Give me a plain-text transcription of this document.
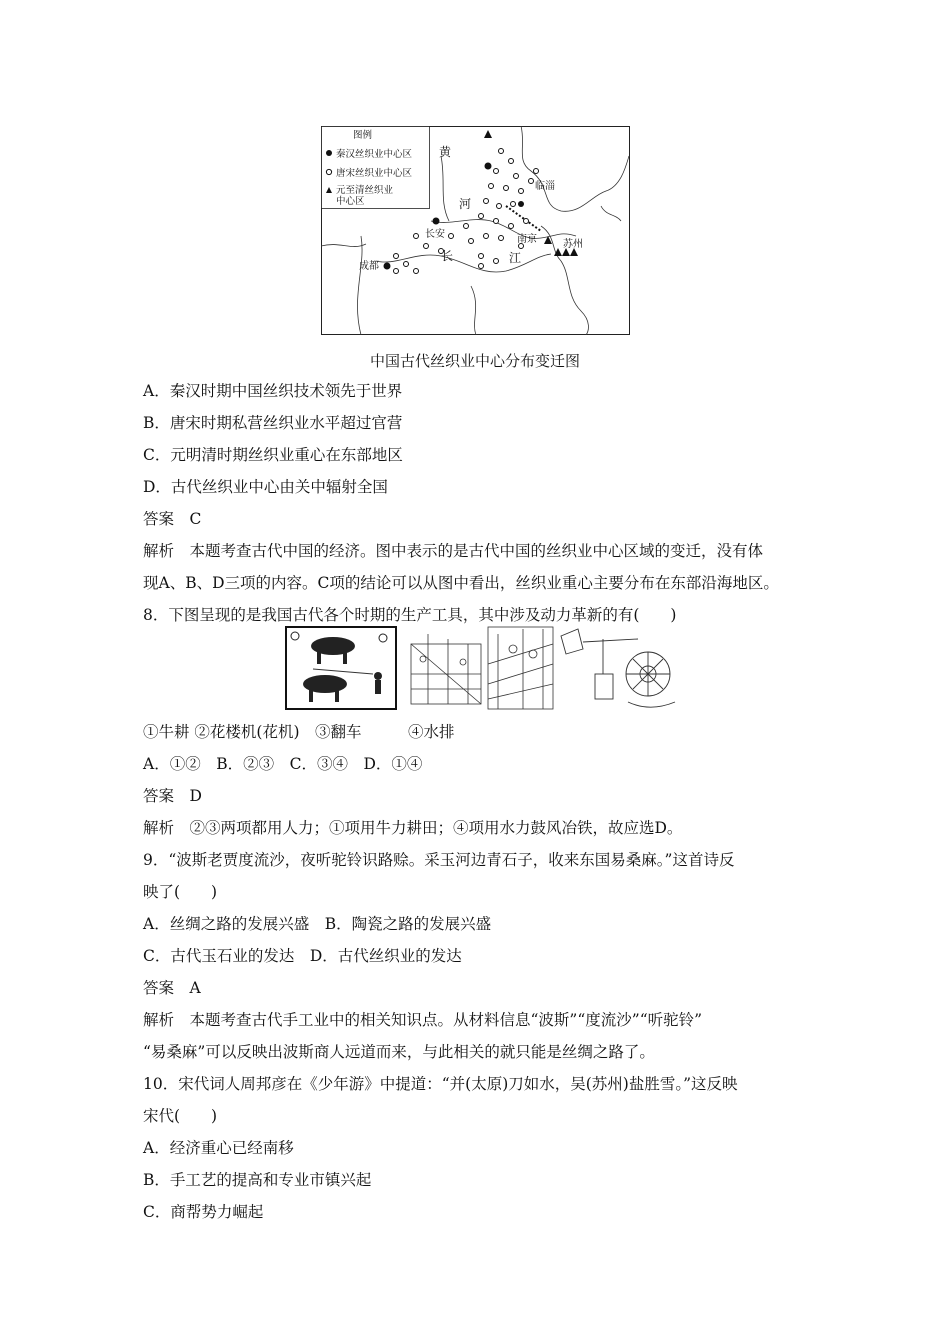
图例
秦汉丝织业中心区
唐宋丝织业中心区
元至清丝织业
中心区
黄
河
临淄
长安	南京	苏州
成都
长	江
中国古代丝织业中心分布变迁图
A．秦汉时期中国丝织技术领先于世界
B．唐宋时期私营丝织业水平超过官营
C．元明清时期丝织业重心在东部地区
D．古代丝织业中心由关中辐射全国
答案　C
解析　本题考查古代中国的经济。图中表示的是古代中国的丝织业中心区域的变迁，没有体
现A、B、D三项的内容。C项的结论可以从图中看出，丝织业重心主要分布在东部沿海地区。
8．下图呈现的是我国古代各个时期的生产工具，其中涉及动力革新的有(　　)
①牛耕 ②花楼机(花机)　③翻车　　　④水排
A．①②　B．②③　C．③④　D．①④
答案　D
解析　②③两项都用人力；①项用牛力耕田；④项用水力鼓风冶铁，故应选D。
9．“波斯老贾度流沙，夜听驼铃识路赊。采玉河边青石子，收来东国易桑麻。”这首诗反
映了(　　)
A．丝绸之路的发展兴盛　B．陶瓷之路的发展兴盛
C．古代玉石业的发达　D．古代丝织业的发达
答案　A
解析　本题考查古代手工业中的相关知识点。从材料信息“波斯”“度流沙”“听驼铃”
“易桑麻”可以反映出波斯商人远道而来，与此相关的就只能是丝绸之路了。
10．宋代词人周邦彦在《少年游》中提道：“并(太原)刀如水，吴(苏州)盐胜雪。”这反映
宋代(　　)
A．经济重心已经南移
B．手工艺的提高和专业市镇兴起
C．商帮势力崛起
